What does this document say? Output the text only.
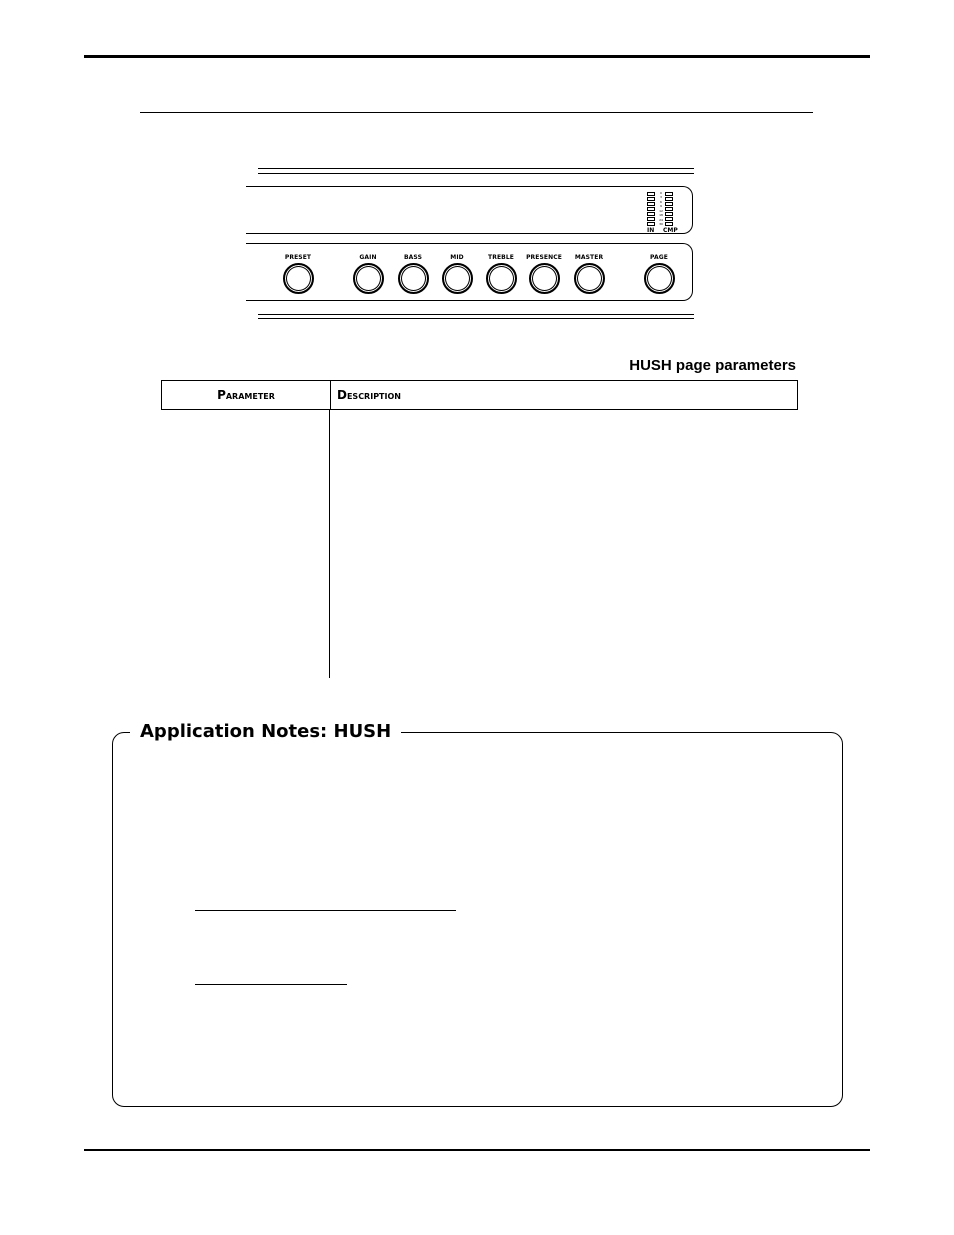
0
3
6
9
12
18
24
30
IN CMP
PRESET	GAIN	BASS	MID	TREBLE	PRESENCE	MASTER	PAGE
HUSH page parameters
Parameter	Description
Application Notes: HUSH
